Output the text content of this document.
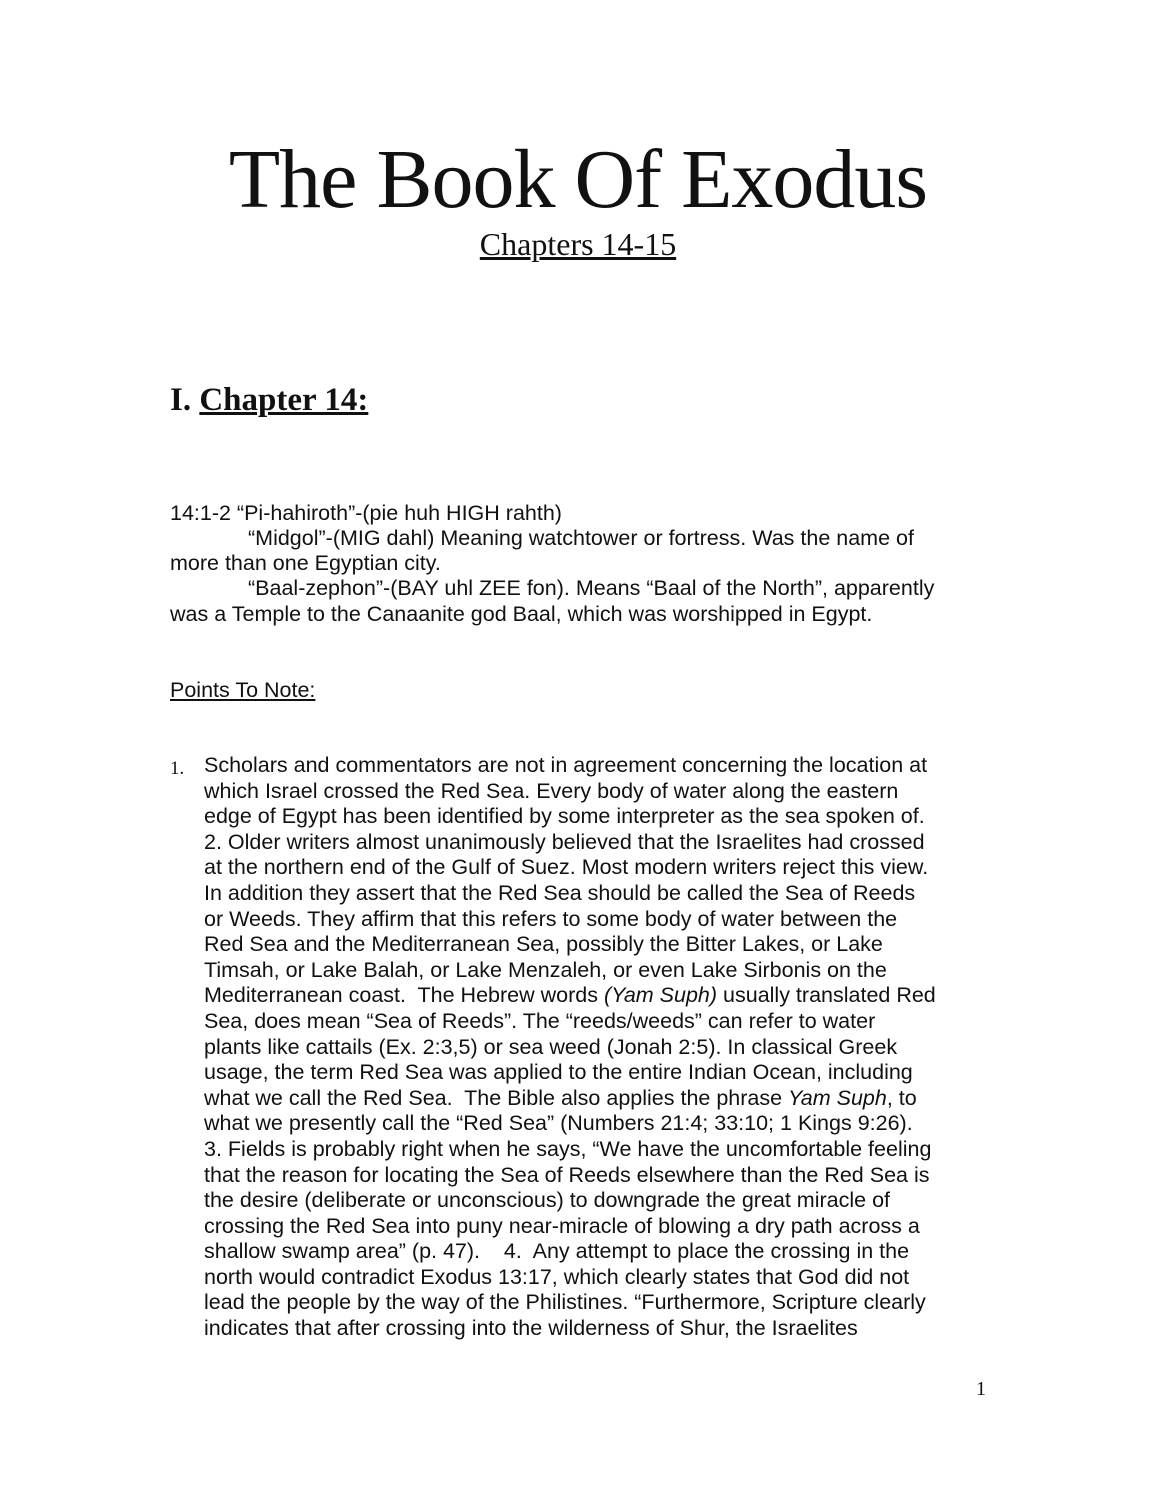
The Book Of Exodus
Chapters 14-15
I. Chapter 14:
14:1-2 “Pi-hahiroth”-(pie huh HIGH rahth)
“Midgol”-(MIG dahl) Meaning watchtower or fortress. Was the name of
more than one Egyptian city.
“Baal-zephon”-(BAY uhl ZEE fon). Means “Baal of the North”, apparently
was a Temple to the Canaanite god Baal, which was worshipped in Egypt.
Points To Note:
1. Scholars and commentators are not in agreement concerning the location at
which Israel crossed the Red Sea. Every body of water along the eastern
edge of Egypt has been identified by some interpreter as the sea spoken of.
2. Older writers almost unanimously believed that the Israelites had crossed
at the northern end of the Gulf of Suez. Most modern writers reject this view.
In addition they assert that the Red Sea should be called the Sea of Reeds
or Weeds. They affirm that this refers to some body of water between the
Red Sea and the Mediterranean Sea, possibly the Bitter Lakes, or Lake
Timsah, or Lake Balah, or Lake Menzaleh, or even Lake Sirbonis on the
Mediterranean coast.  The Hebrew words (Yam Suph) usually translated Red
Sea, does mean “Sea of Reeds”. The “reeds/weeds” can refer to water
plants like cattails (Ex. 2:3,5) or sea weed (Jonah 2:5). In classical Greek
usage, the term Red Sea was applied to the entire Indian Ocean, including
what we call the Red Sea.  The Bible also applies the phrase Yam Suph, to
what we presently call the “Red Sea” (Numbers 21:4; 33:10; 1 Kings 9:26).
3. Fields is probably right when he says, “We have the uncomfortable feeling
that the reason for locating the Sea of Reeds elsewhere than the Red Sea is
the desire (deliberate or unconscious) to downgrade the great miracle of
crossing the Red Sea into puny near-miracle of blowing a dry path across a
shallow swamp area” (p. 47).    4.  Any attempt to place the crossing in the
north would contradict Exodus 13:17, which clearly states that God did not
lead the people by the way of the Philistines. “Furthermore, Scripture clearly
indicates that after crossing into the wilderness of Shur, the Israelites
1
